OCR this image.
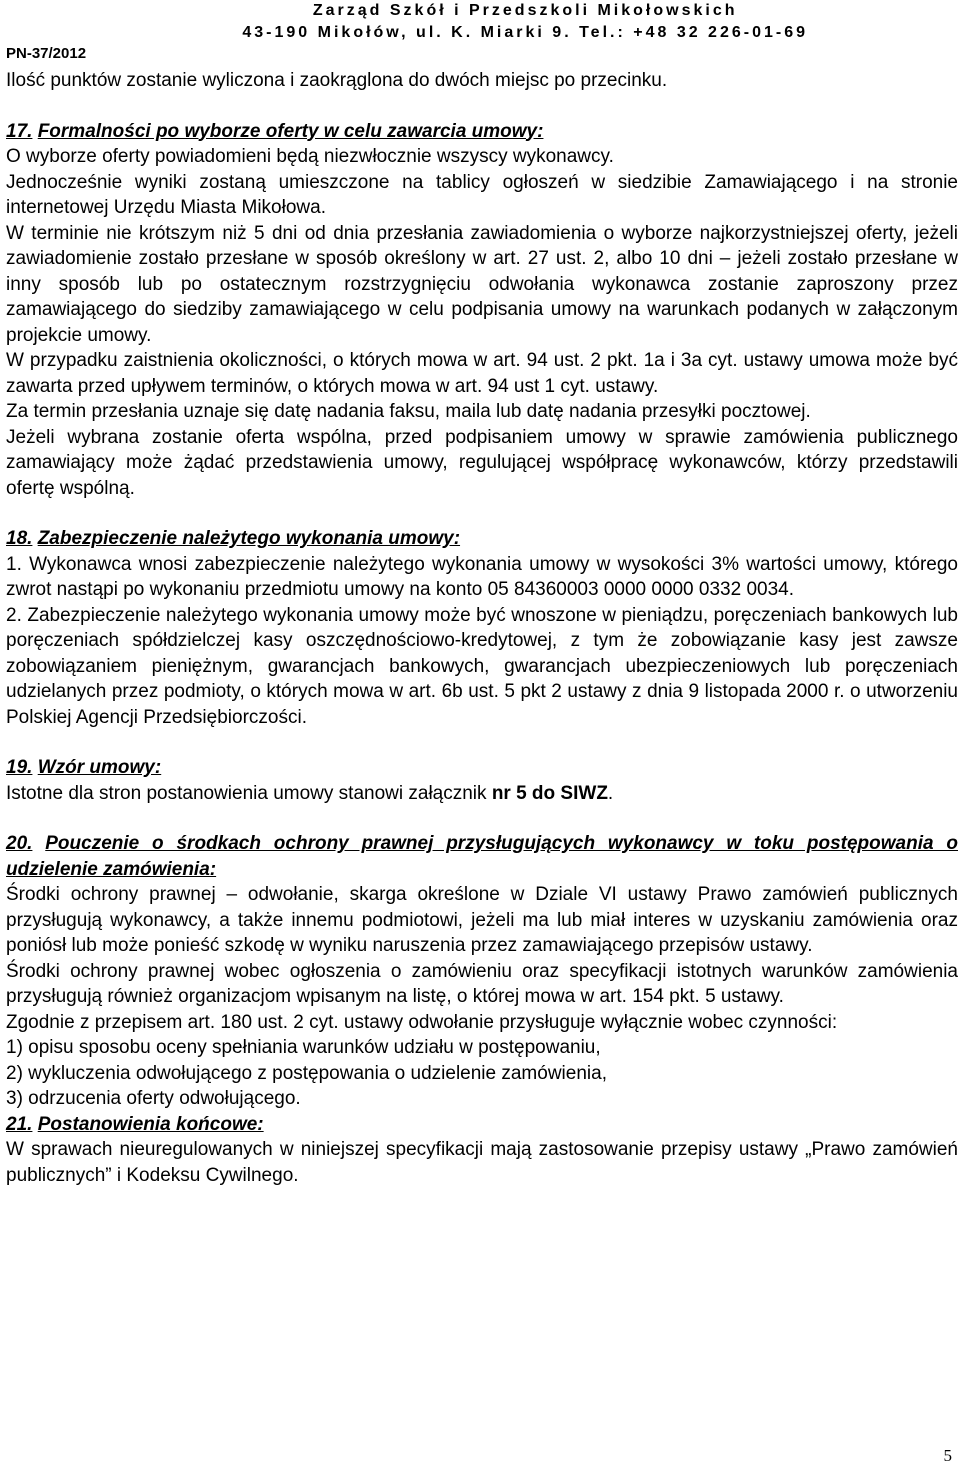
Zarząd Szkół i Przedszkoli Mikołowskich
43-190 Mikołów, ul. K. Miarki 9. Tel.: +48 32 226-01-69
PN-37/2012

Ilość punktów zostanie wyliczona i zaokrąglona do dwóch miejsc po przecinku.

17. Formalności po wyborze oferty w celu zawarcia umowy:

O wyborze oferty powiadomieni będą niezwłocznie wszyscy wykonawcy.

Jednocześnie wyniki zostaną umieszczone na tablicy ogłoszeń w siedzibie Zamawiającego i na stronie internetowej Urzędu Miasta Mikołowa.

W terminie nie krótszym niż 5 dni od dnia przesłania zawiadomienia o wyborze najkorzystniejszej oferty, jeżeli zawiadomienie zostało przesłane w sposób określony w art. 27 ust. 2, albo 10 dni – jeżeli zostało przesłane w inny sposób lub po ostatecznym rozstrzygnięciu odwołania wykonawca zostanie zaproszony przez zamawiającego do siedziby zamawiającego w celu podpisania umowy na warunkach podanych w załączonym projekcie umowy.

W przypadku zaistnienia okoliczności, o których mowa w art. 94 ust. 2 pkt. 1a i 3a cyt. ustawy umowa może być zawarta przed upływem terminów, o których mowa w art. 94 ust 1 cyt. ustawy.

Za termin przesłania uznaje się datę nadania faksu, maila lub datę nadania przesyłki pocztowej.

Jeżeli wybrana zostanie oferta wspólna, przed podpisaniem umowy w sprawie zamówienia publicznego zamawiający może żądać przedstawienia umowy, regulującej współpracę wykonawców, którzy przedstawili ofertę wspólną.

18. Zabezpieczenie należytego wykonania umowy:

1. Wykonawca wnosi zabezpieczenie należytego wykonania umowy w wysokości 3% wartości umowy, którego zwrot nastąpi po wykonaniu przedmiotu umowy na konto 05 84360003 0000 0000 0332 0034.

2. Zabezpieczenie należytego wykonania umowy może być wnoszone w pieniądzu, poręczeniach bankowych lub poręczeniach spółdzielczej kasy oszczędnościowo-kredytowej, z tym że zobowiązanie kasy jest zawsze zobowiązaniem pieniężnym, gwarancjach bankowych, gwarancjach ubezpieczeniowych lub poręczeniach udzielanych przez podmioty, o których mowa w art. 6b ust. 5 pkt 2 ustawy z dnia 9 listopada 2000 r. o utworzeniu Polskiej Agencji Przedsiębiorczości.

19. Wzór umowy:

Istotne dla stron postanowienia umowy stanowi załącznik nr 5 do SIWZ.

20. Pouczenie o środkach ochrony prawnej przysługujących wykonawcy w toku postępowania o udzielenie zamówienia:

Środki ochrony prawnej – odwołanie, skarga określone w Dziale VI ustawy Prawo zamówień publicznych przysługują wykonawcy, a także innemu podmiotowi, jeżeli ma lub miał interes w uzyskaniu zamówienia oraz poniósł lub może ponieść szkodę w wyniku naruszenia przez zamawiającego przepisów ustawy.

Środki ochrony prawnej wobec ogłoszenia o zamówieniu oraz specyfikacji istotnych warunków zamówienia przysługują również organizacjom wpisanym na listę, o której mowa w art. 154 pkt. 5 ustawy.

Zgodnie z przepisem art. 180 ust. 2 cyt. ustawy odwołanie przysługuje wyłącznie wobec czynności:

1) opisu sposobu oceny spełniania warunków udziału w postępowaniu,

2) wykluczenia odwołującego z postępowania o udzielenie zamówienia,

3) odrzucenia oferty odwołującego.

21. Postanowienia końcowe:

W sprawach nieuregulowanych w niniejszej specyfikacji mają zastosowanie przepisy ustawy „Prawo zamówień publicznych” i Kodeksu Cywilnego.

5
